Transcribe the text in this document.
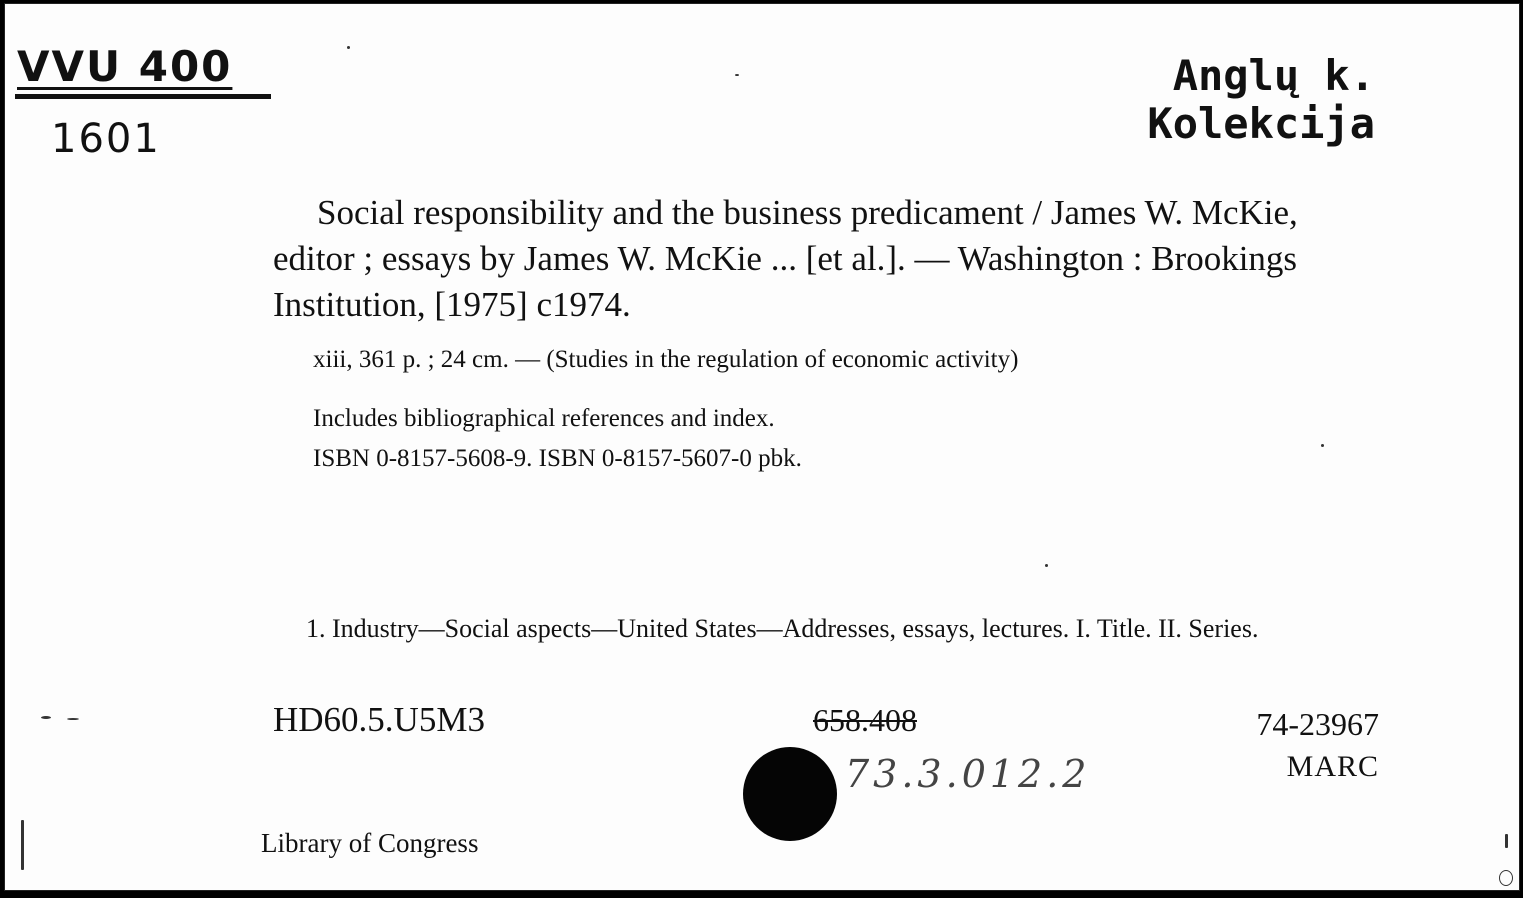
VVU 400
1601
Anglų k.
Kolekcija

Social responsibility and the business predicament / James W. McKie, editor ; essays by James W. McKie ... [et al.]. — Washington : Brookings Institution, [1975] c1974.

xiii, 361 p. ; 24 cm. — (Studies in the regulation of economic activity)
Includes bibliographical references and index.
ISBN 0-8157-5608-9. ISBN 0-8157-5607-0 pbk.

1. Industry—Social aspects—United States—Addresses, essays, lectures. I. Title. II. Series.

HD60.5.U5M3	658.408
73.3.012.2
74-23967
MARC
Library of Congress
